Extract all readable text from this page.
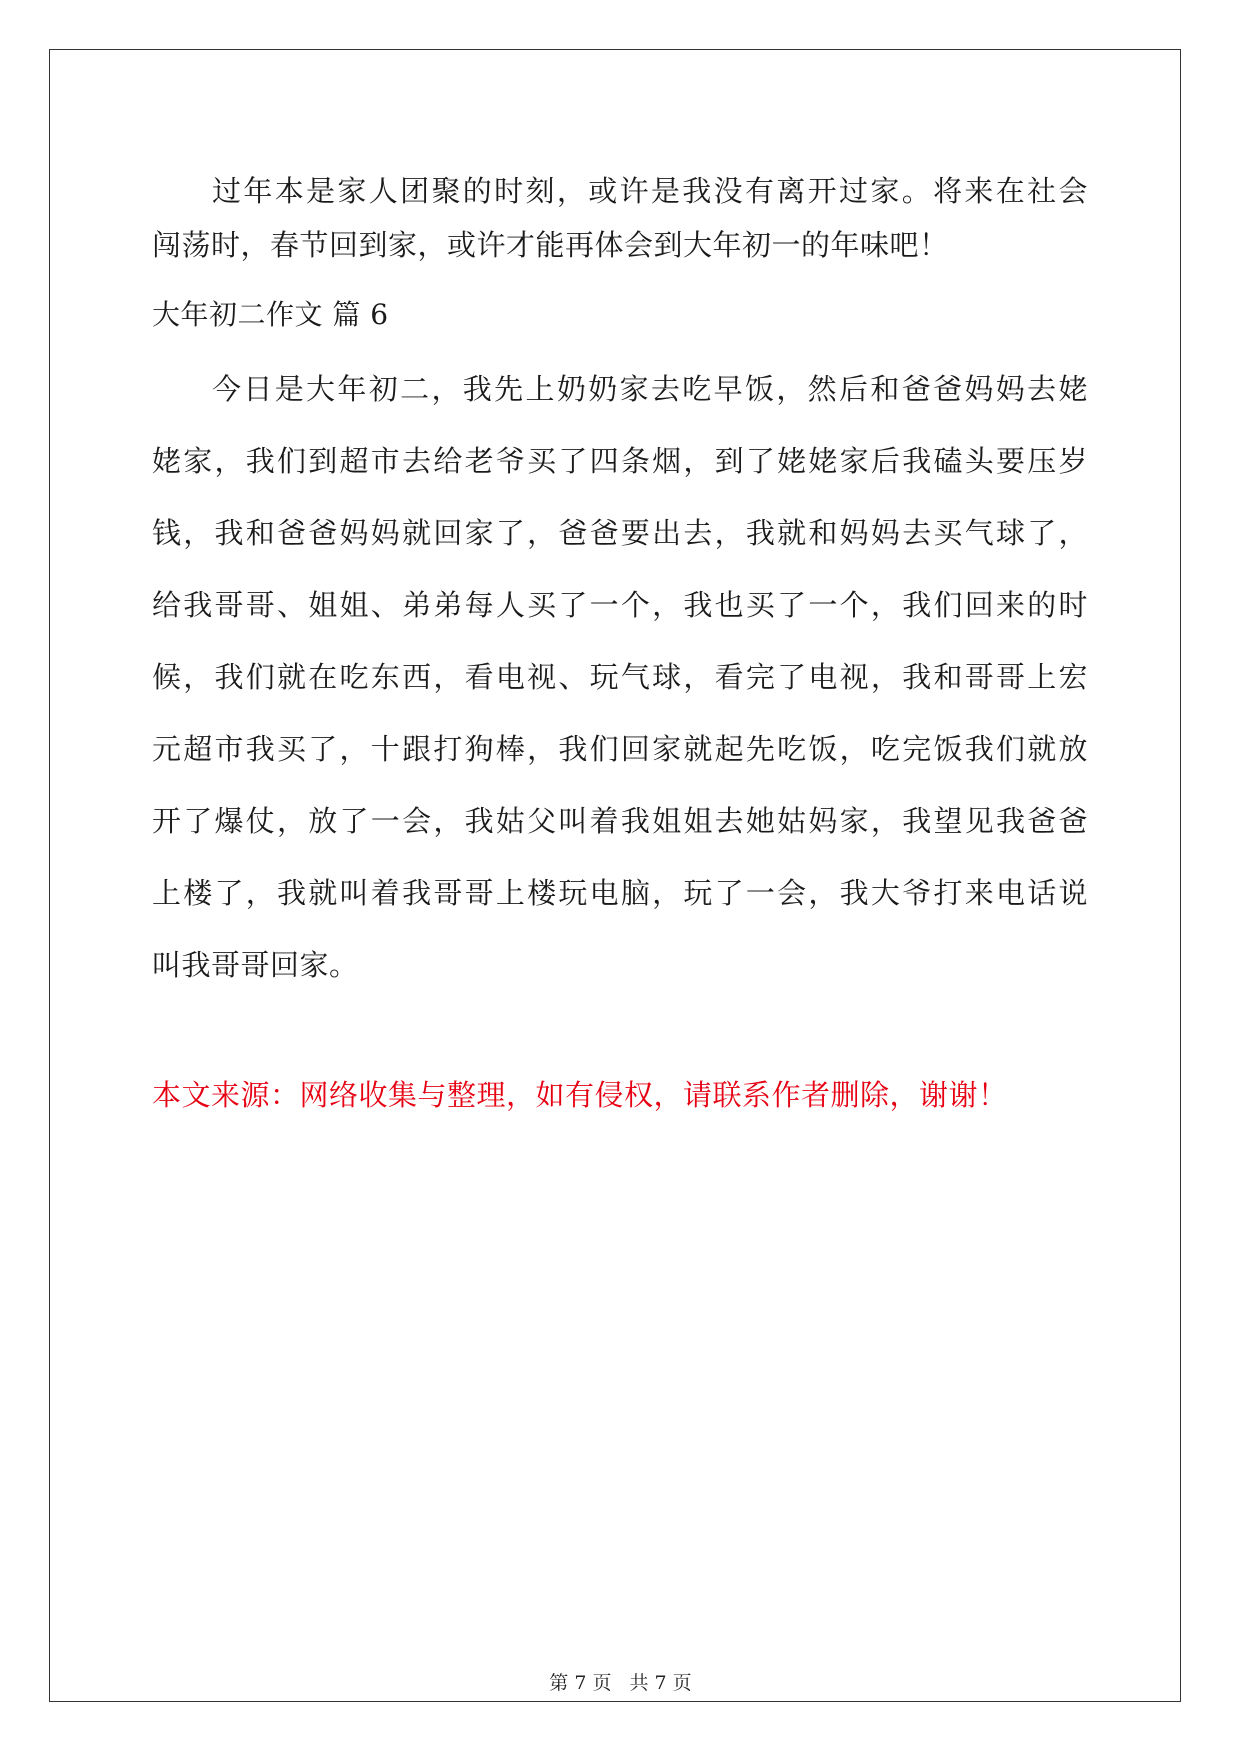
过年本是家人团聚的时刻，或许是我没有离开过家。将来在社会
闯荡时，春节回到家，或许才能再体会到大年初一的年味吧！
大年初二作文 篇 6
今日是大年初二，我先上奶奶家去吃早饭，然后和爸爸妈妈去姥
姥家，我们到超市去给老爷买了四条烟，到了姥姥家后我磕头要压岁
钱，我和爸爸妈妈就回家了，爸爸要出去，我就和妈妈去买气球了，
给我哥哥、姐姐、弟弟每人买了一个，我也买了一个，我们回来的时
候，我们就在吃东西，看电视、玩气球，看完了电视，我和哥哥上宏
元超市我买了，十跟打狗棒，我们回家就起先吃饭，吃完饭我们就放
开了爆仗，放了一会，我姑父叫着我姐姐去她姑妈家，我望见我爸爸
上楼了，我就叫着我哥哥上楼玩电脑，玩了一会，我大爷打来电话说
叫我哥哥回家。
本文来源：网络收集与整理，如有侵权，请联系作者删除，谢谢！
第 7 页 共 7 页
